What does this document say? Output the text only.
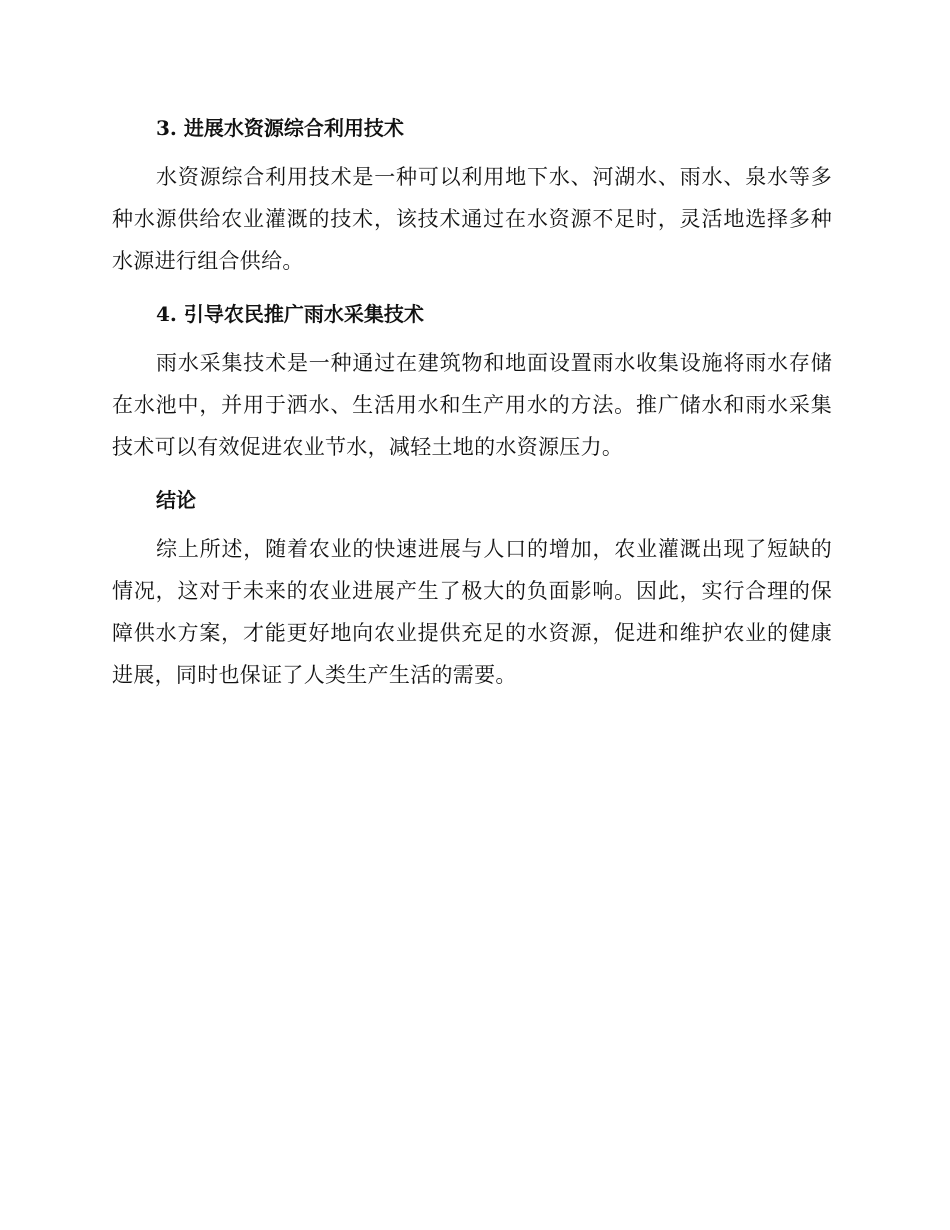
3. 进展水资源综合利用技术

水资源综合利用技术是一种可以利用地下水、河湖水、雨水、泉水等多种水源供给农业灌溉的技术，该技术通过在水资源不足时，灵活地选择多种水源进行组合供给。

4. 引导农民推广雨水采集技术

雨水采集技术是一种通过在建筑物和地面设置雨水收集设施将雨水存储在水池中，并用于洒水、生活用水和生产用水的方法。推广储水和雨水采集技术可以有效促进农业节水，减轻土地的水资源压力。

结论

综上所述，随着农业的快速进展与人口的增加，农业灌溉出现了短缺的情况，这对于未来的农业进展产生了极大的负面影响。因此，实行合理的保障供水方案，才能更好地向农业提供充足的水资源，促进和维护农业的健康进展，同时也保证了人类生产生活的需要。
